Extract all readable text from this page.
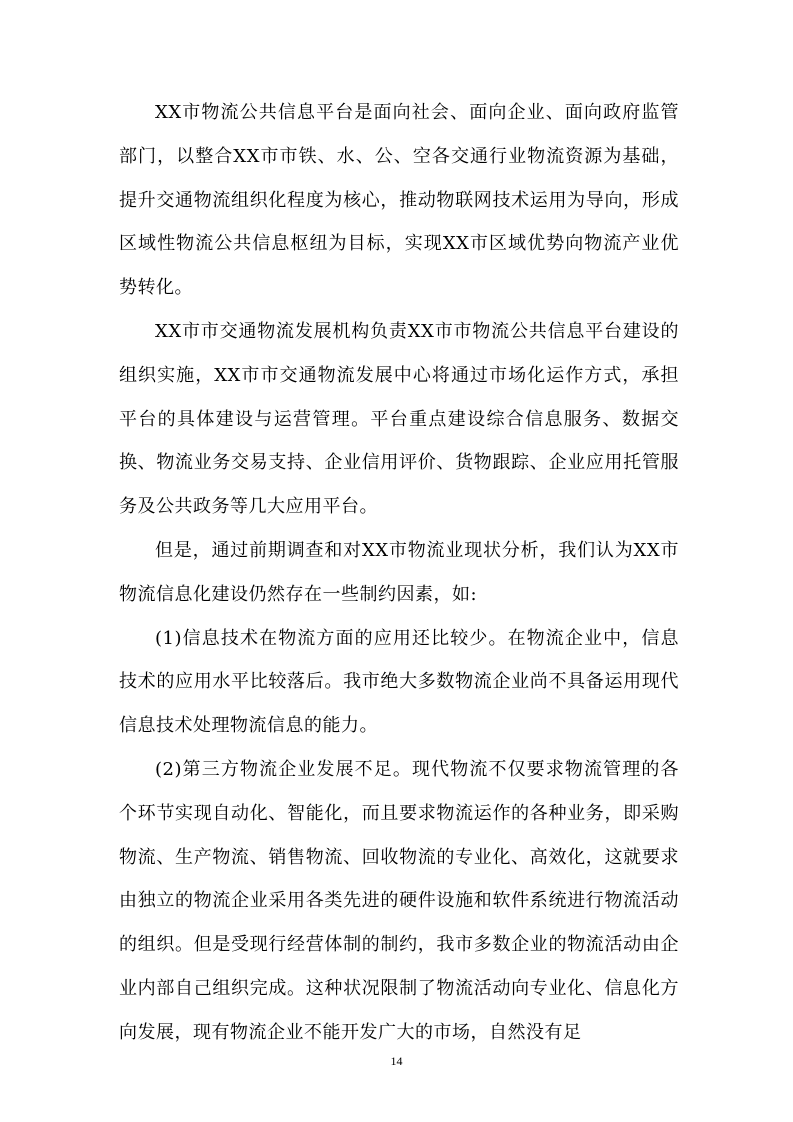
XX市物流公共信息平台是面向社会、面向企业、面向政府监管部门，以整合XX市市铁、水、公、空各交通行业物流资源为基础，提升交通物流组织化程度为核心，推动物联网技术运用为导向，形成区域性物流公共信息枢纽为目标，实现XX市区域优势向物流产业优势转化。

XX市市交通物流发展机构负责XX市市物流公共信息平台建设的组织实施，XX市市交通物流发展中心将通过市场化运作方式，承担平台的具体建设与运营管理。平台重点建设综合信息服务、数据交换、物流业务交易支持、企业信用评价、货物跟踪、企业应用托管服务及公共政务等几大应用平台。

但是，通过前期调查和对XX市物流业现状分析，我们认为XX市物流信息化建设仍然存在一些制约因素，如:

(1)信息技术在物流方面的应用还比较少。在物流企业中，信息技术的应用水平比较落后。我市绝大多数物流企业尚不具备运用现代信息技术处理物流信息的能力。

(2)第三方物流企业发展不足。现代物流不仅要求物流管理的各个环节实现自动化、智能化，而且要求物流运作的各种业务，即采购物流、生产物流、销售物流、回收物流的专业化、高效化，这就要求由独立的物流企业采用各类先进的硬件设施和软件系统进行物流活动的组织。但是受现行经营体制的制约，我市多数企业的物流活动由企业内部自己组织完成。这种状况限制了物流活动向专业化、信息化方向发展，现有物流企业不能开发广大的市场，自然没有足

14
